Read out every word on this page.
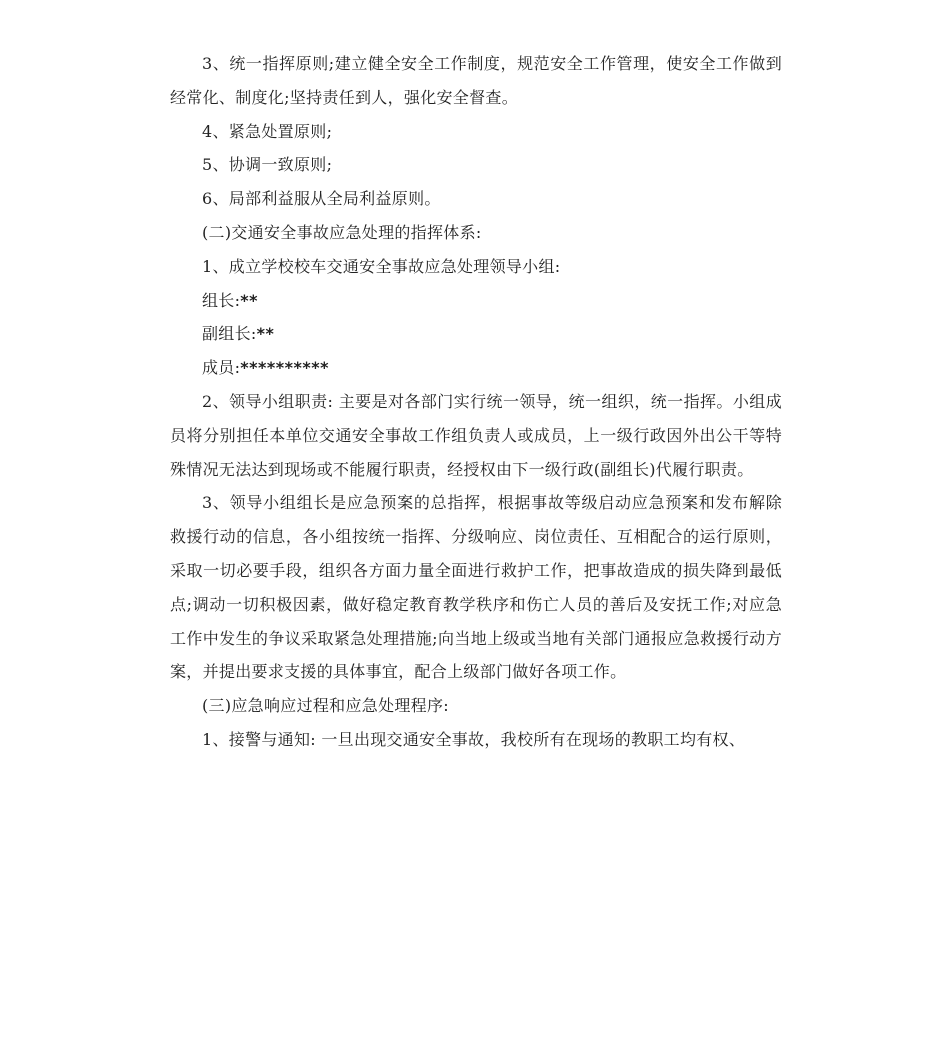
3、统一指挥原则;建立健全安全工作制度，规范安全工作管理，使安全工作做到经常化、制度化;坚持责任到人，强化安全督查。

4、紧急处置原则;

5、协调一致原则;

6、局部利益服从全局利益原则。

(二)交通安全事故应急处理的指挥体系:

1、成立学校校车交通安全事故应急处理领导小组:

组长:**

副组长:**

成员:**********

2、领导小组职责: 主要是对各部门实行统一领导，统一组织，统一指挥。小组成员将分别担任本单位交通安全事故工作组负责人或成员，上一级行政因外出公干等特殊情况无法达到现场或不能履行职责，经授权由下一级行政(副组长)代履行职责。

3、领导小组组长是应急预案的总指挥，根据事故等级启动应急预案和发布解除救援行动的信息，各小组按统一指挥、分级响应、岗位责任、互相配合的运行原则，采取一切必要手段，组织各方面力量全面进行救护工作，把事故造成的损失降到最低点;调动一切积极因素，做好稳定教育教学秩序和伤亡人员的善后及安抚工作;对应急工作中发生的争议采取紧急处理措施;向当地上级或当地有关部门通报应急救援行动方案，并提出要求支援的具体事宜，配合上级部门做好各项工作。

(三)应急响应过程和应急处理程序:

1、接警与通知: 一旦出现交通安全事故，我校所有在现场的教职工均有权、
